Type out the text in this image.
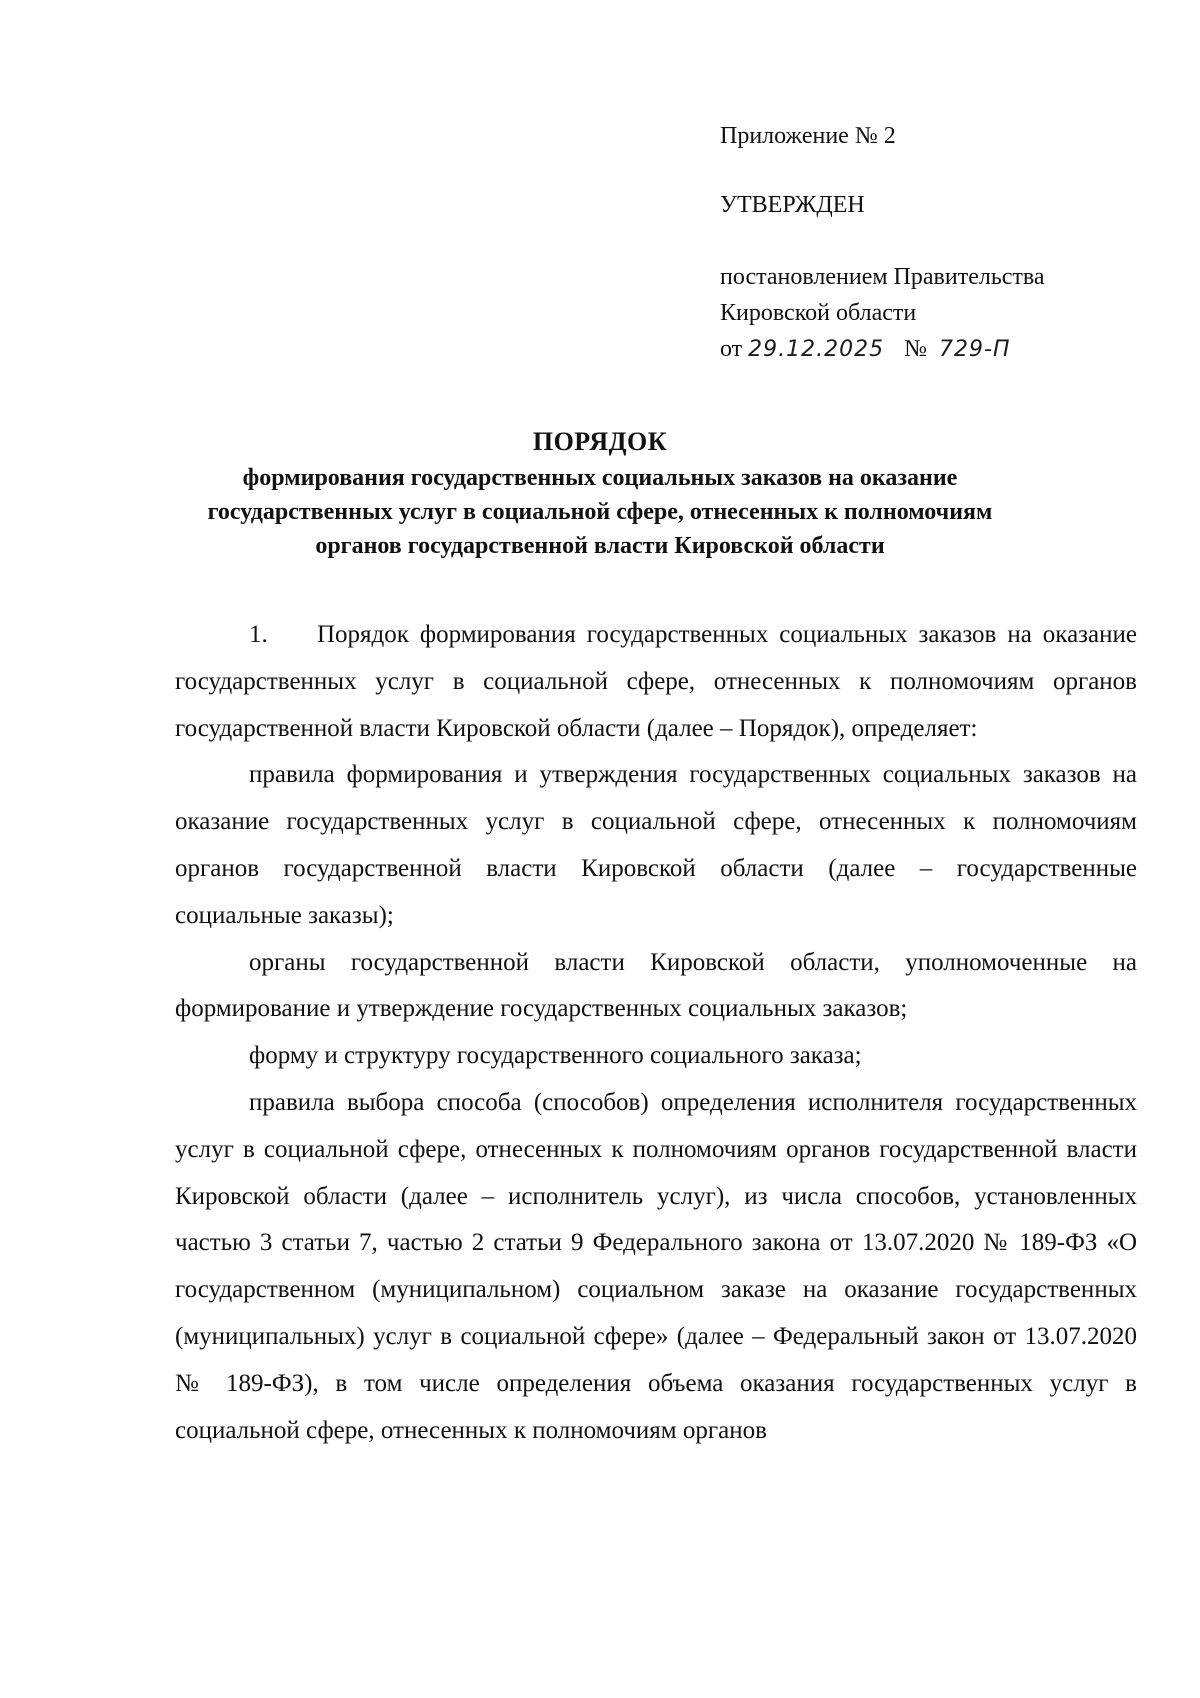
Приложение № 2
УТВЕРЖДЕН
постановлением Правительства
Кировской области
от 29.12.2025 № 729-П
ПОРЯДОК
формирования государственных социальных заказов на оказание
государственных услуг в социальной сфере, отнесенных к полномочиям
органов государственной власти Кировской области

1. Порядок формирования государственных социальных заказов на оказание государственных услуг в социальной сфере, отнесенных к полномочиям органов государственной власти Кировской области (далее – Порядок), определяет:

правила формирования и утверждения государственных социальных заказов на оказание государственных услуг в социальной сфере, отнесенных к полномочиям органов государственной власти Кировской области (далее – государственные социальные заказы);

органы государственной власти Кировской области, уполномоченные на формирование и утверждение государственных социальных заказов;

форму и структуру государственного социального заказа;

правила выбора способа (способов) определения исполнителя государственных услуг в социальной сфере, отнесенных к полномочиям органов государственной власти Кировской области (далее – исполнитель услуг), из числа способов, установленных частью 3 статьи 7, частью 2 статьи 9 Федерального закона от 13.07.2020 № 189-ФЗ «О государственном (муниципальном) социальном заказе на оказание государственных (муниципальных) услуг в социальной сфере» (далее – Федеральный закон от 13.07.2020 № 189-ФЗ), в том числе определения объема оказания государственных услуг в социальной сфере, отнесенных к полномочиям органов
